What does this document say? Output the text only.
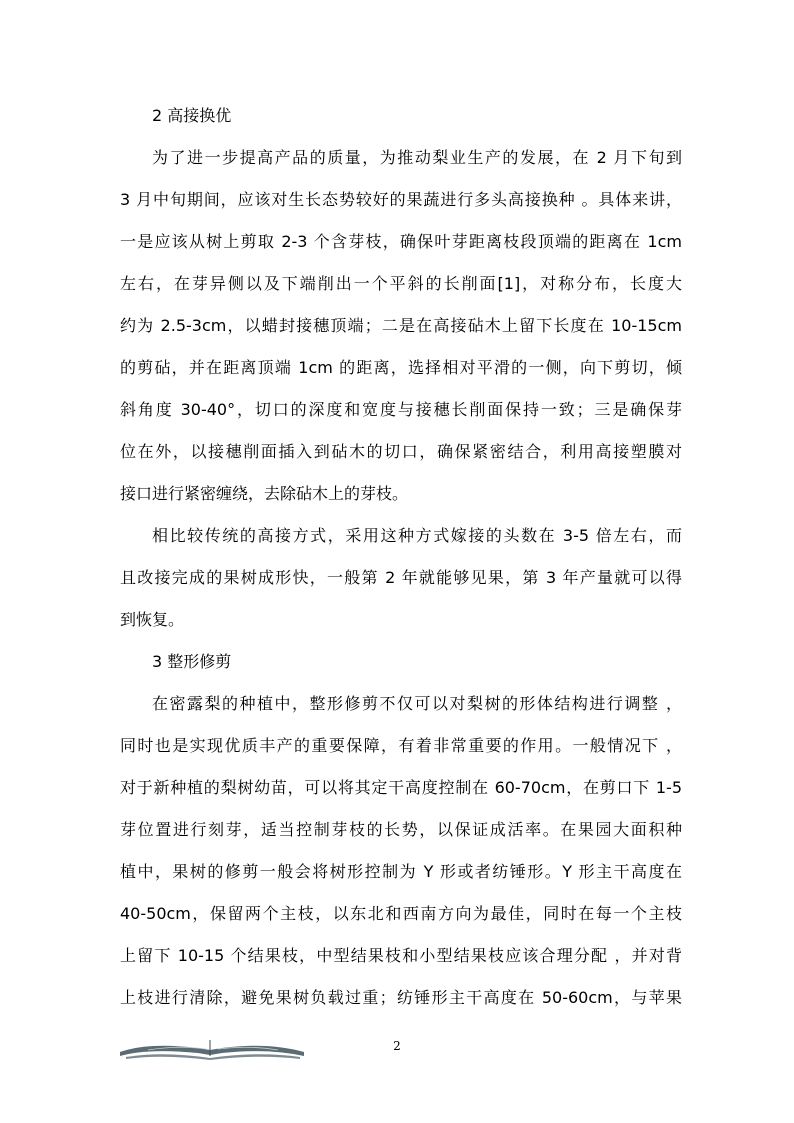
2 高接换优
为了进一步提高产品的质量，为推动梨业生产的发展，在 2 月下旬到
3 月中旬期间，应该对生长态势较好的果蔬进行多头高接换种 。具体来讲，
一是应该从树上剪取 2-3 个含芽枝，确保叶芽距离枝段顶端的距离在 1cm
左右，在芽异侧以及下端削出一个平斜的长削面[1]，对称分布，长度大
约为 2.5-3cm，以蜡封接穗顶端；二是在高接砧木上留下长度在 10-15cm
的剪砧，并在距离顶端 1cm 的距离，选择相对平滑的一侧，向下剪切，倾
斜角度 30-40°，切口的深度和宽度与接穗长削面保持一致；三是确保芽
位在外，以接穗削面插入到砧木的切口，确保紧密结合，利用高接塑膜对
接口进行紧密缠绕，去除砧木上的芽枝。
相比较传统的高接方式，采用这种方式嫁接的头数在 3-5 倍左右，而
且改接完成的果树成形快，一般第 2 年就能够见果，第 3 年产量就可以得
到恢复。
3 整形修剪
在密露梨的种植中，整形修剪不仅可以对梨树的形体结构进行调整 ，
同时也是实现优质丰产的重要保障，有着非常重要的作用。一般情况下 ，
对于新种植的梨树幼苗，可以将其定干高度控制在 60-70cm，在剪口下 1-5
芽位置进行刻芽，适当控制芽枝的长势，以保证成活率。在果园大面积种
植中，果树的修剪一般会将树形控制为 Y 形或者纺锤形。Y 形主干高度在
40-50cm，保留两个主枝，以东北和西南方向为最佳，同时在每一个主枝
上留下 10-15 个结果枝，中型结果枝和小型结果枝应该合理分配 ，并对背
上枝进行清除，避免果树负载过重；纺锤形主干高度在 50-60cm，与苹果
2
